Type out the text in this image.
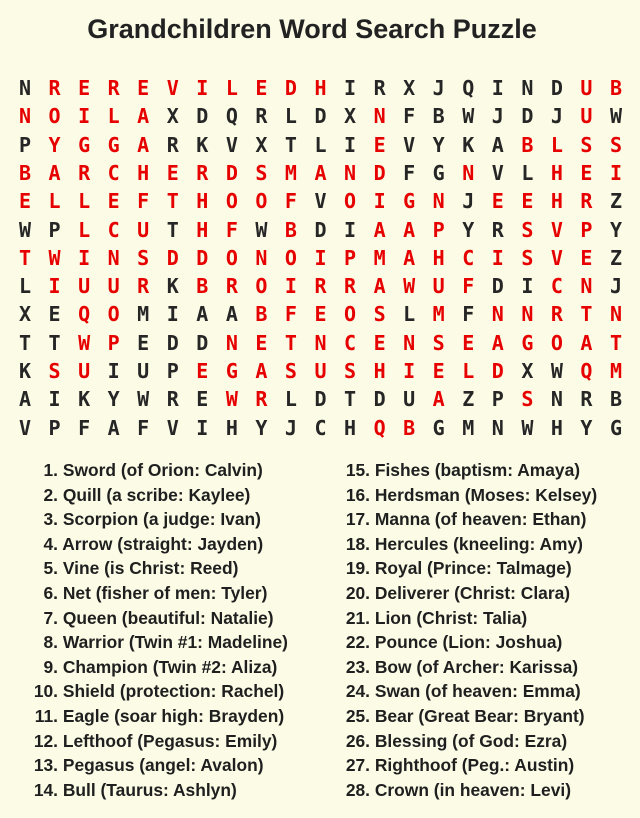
Grandchildren Word Search Puzzle
N R E R E V I L E D H I R X J Q I N D U B
N O I L A X D Q R L D X N F B W J D J U W
P Y G G A R K V X T L I E V Y K A B L S S
B A R C H E R D S M A N D F G N V L H E I
E L L E F T H O O F V O I G N J E E H R Z
W P L C U T H F W B D I A A P Y R S V P Y
T W I N S D D O N O I P M A H C I S V E Z
L I U U R K B R O I R R A W U F D I C N J
X E Q O M I A A B F E O S L M F N N R T N
T T W P E D D N E T N C E N S E A G O A T
K S U I U P E G A S U S H I E L D X W Q M
A I K Y W R E W R L D T D U A Z P S N R B
V P F A F V I H Y J C H Q B G M N W H Y G
1. Sword (of Orion: Calvin)
2. Quill (a scribe: Kaylee)
3. Scorpion (a judge: Ivan)
4. Arrow (straight: Jayden)
5. Vine (is Christ: Reed)
6. Net (fisher of men: Tyler)
7. Queen (beautiful: Natalie)
8. Warrior (Twin #1: Madeline)
9. Champion (Twin #2: Aliza)
10. Shield (protection: Rachel)
11. Eagle (soar high: Brayden)
12. Lefthoof (Pegasus: Emily)
13. Pegasus (angel: Avalon)
14. Bull (Taurus: Ashlyn)
15. Fishes (baptism: Amaya)
16. Herdsman (Moses: Kelsey)
17. Manna (of heaven: Ethan)
18. Hercules (kneeling: Amy)
19. Royal (Prince: Talmage)
20. Deliverer (Christ: Clara)
21. Lion (Christ: Talia)
22. Pounce (Lion: Joshua)
23. Bow (of Archer: Karissa)
24. Swan (of heaven: Emma)
25. Bear (Great Bear: Bryant)
26. Blessing (of God: Ezra)
27. Righthoof (Peg.: Austin)
28. Crown (in heaven: Levi)
